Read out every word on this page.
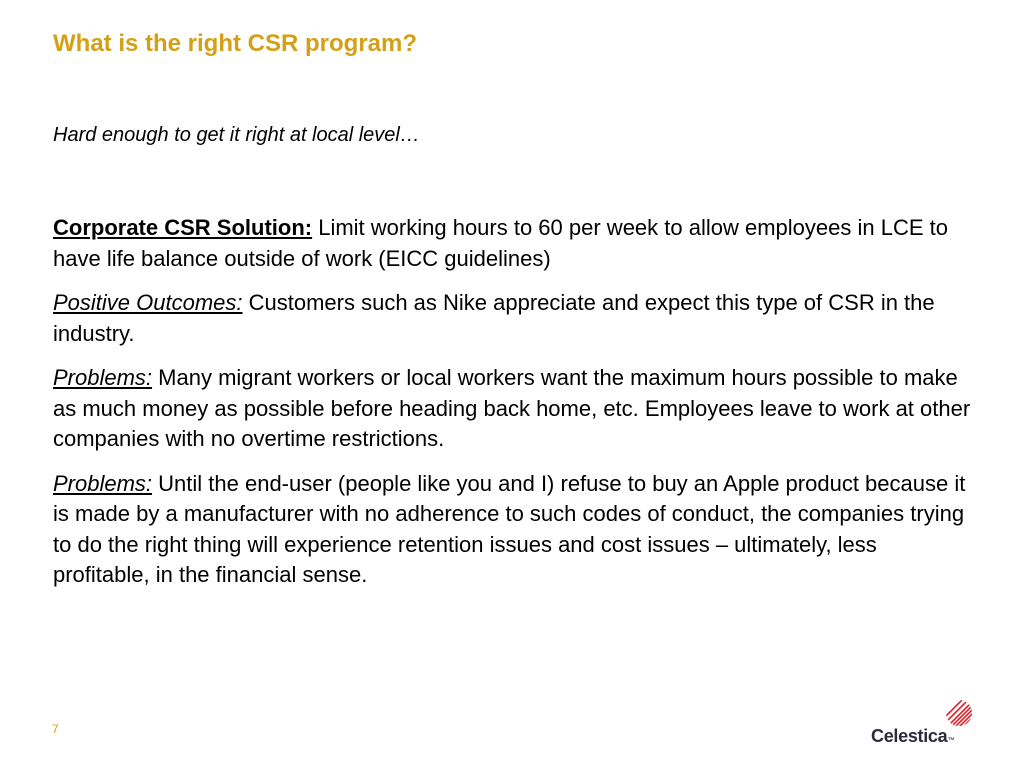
What is the right CSR program?
Hard enough to get it right at local level…

Corporate CSR Solution: Limit working hours to 60 per week to allow employees in LCE to have life balance outside of work (EICC guidelines)

Positive Outcomes: Customers such as Nike appreciate and expect this type of CSR in the industry.

Problems: Many migrant workers or local workers want the maximum hours possible to make as much money as possible before heading back home, etc. Employees leave to work at other companies with no overtime restrictions.

Problems: Until the end-user (people like you and I) refuse to buy an Apple product because it is made by a manufacturer with no adherence to such codes of conduct, the companies trying to do the right thing will experience retention issues and cost issues – ultimately, less profitable, in the financial sense.

7	Celestica™
